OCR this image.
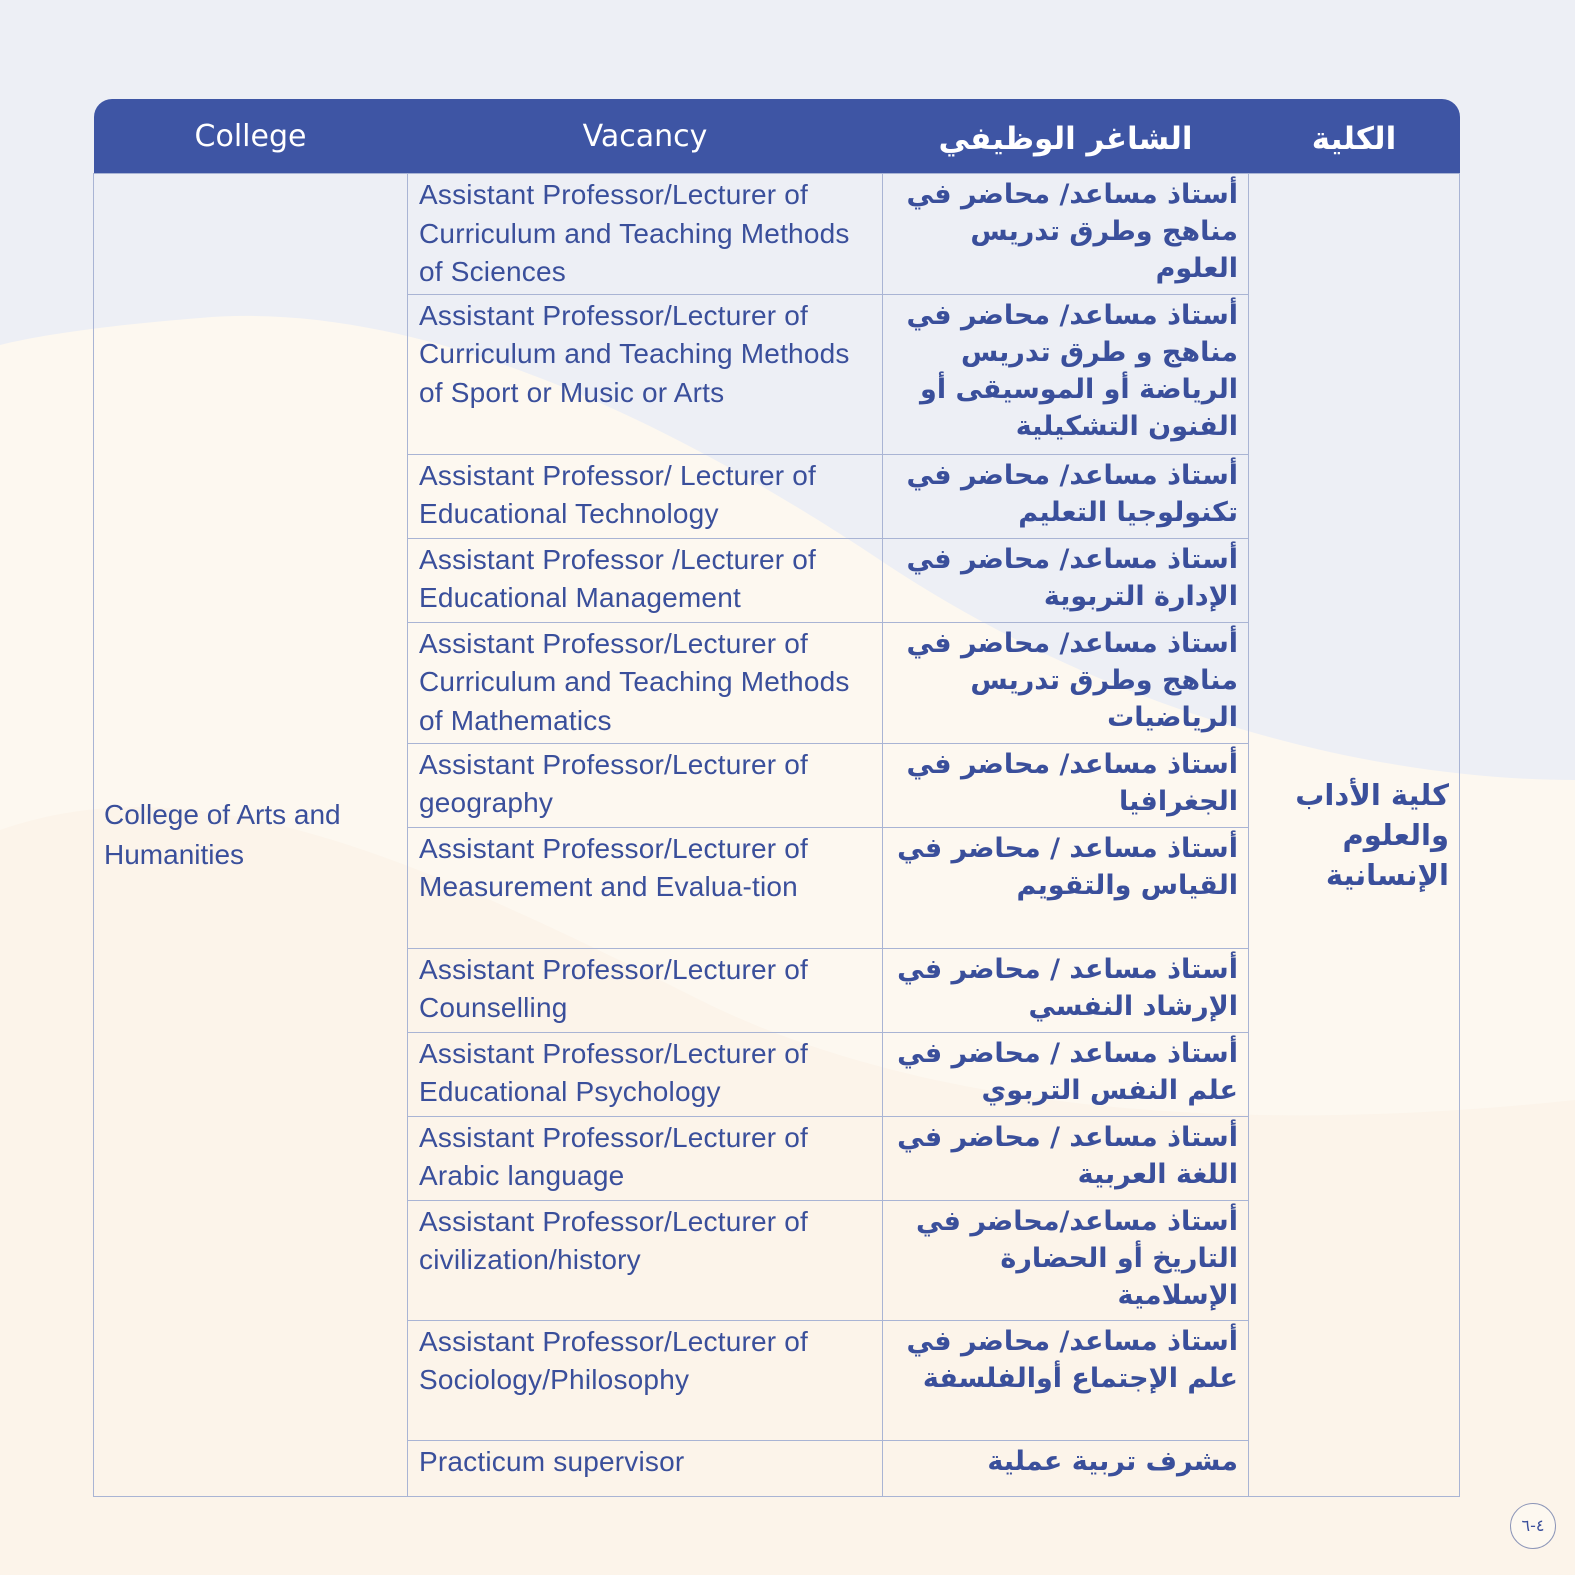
College	Vacancy	الشاغر الوظيفي	الكلية
College of Arts and Humanities	Assistant Professor/Lecturer of Curriculum and Teaching Methods of Sciences	أستاذ مساعد/ محاضر في مناهج وطرق تدريس العلوم	كلية الأداب والعلوم الإنسانية
	Assistant Professor/Lecturer of Curriculum and Teaching Methods of Sport or Music or Arts	أستاذ مساعد/ محاضر في مناهج و طرق تدريس الرياضة أو الموسيقى أو الفنون التشكيلية	
	Assistant Professor/ Lecturer of Educational Technology	أستاذ مساعد/ محاضر في تكنولوجيا التعليم	
	Assistant Professor /Lecturer of Educational Management	أستاذ مساعد/ محاضر في الإدارة التربوية	
	Assistant Professor/Lecturer of Curriculum and Teaching Methods of Mathematics	أستاذ مساعد/ محاضر في مناهج وطرق تدريس الرياضيات	
	Assistant Professor/Lecturer of geography	أستاذ مساعد/ محاضر في الجغرافيا	
	Assistant Professor/Lecturer of Measurement and Evalua-tion	أستاذ مساعد / محاضر في القياس والتقويم	
	Assistant Professor/Lecturer of Counselling	أستاذ مساعد / محاضر في الإرشاد النفسي	
	Assistant Professor/Lecturer of Educational Psychology	أستاذ مساعد / محاضر في علم النفس التربوي	
	Assistant Professor/Lecturer of Arabic language	أستاذ مساعد / محاضر في اللغة العربية	
	Assistant Professor/Lecturer of civilization/history	أستاذ مساعد/محاضر في التاريخ أو الحضارة الإسلامية	
	Assistant Professor/Lecturer of Sociology/Philosophy	أستاذ مساعد/ محاضر في علم الإجتماع أوالفلسفة	
	Practicum supervisor	مشرف تربية عملية	
٤-٦
